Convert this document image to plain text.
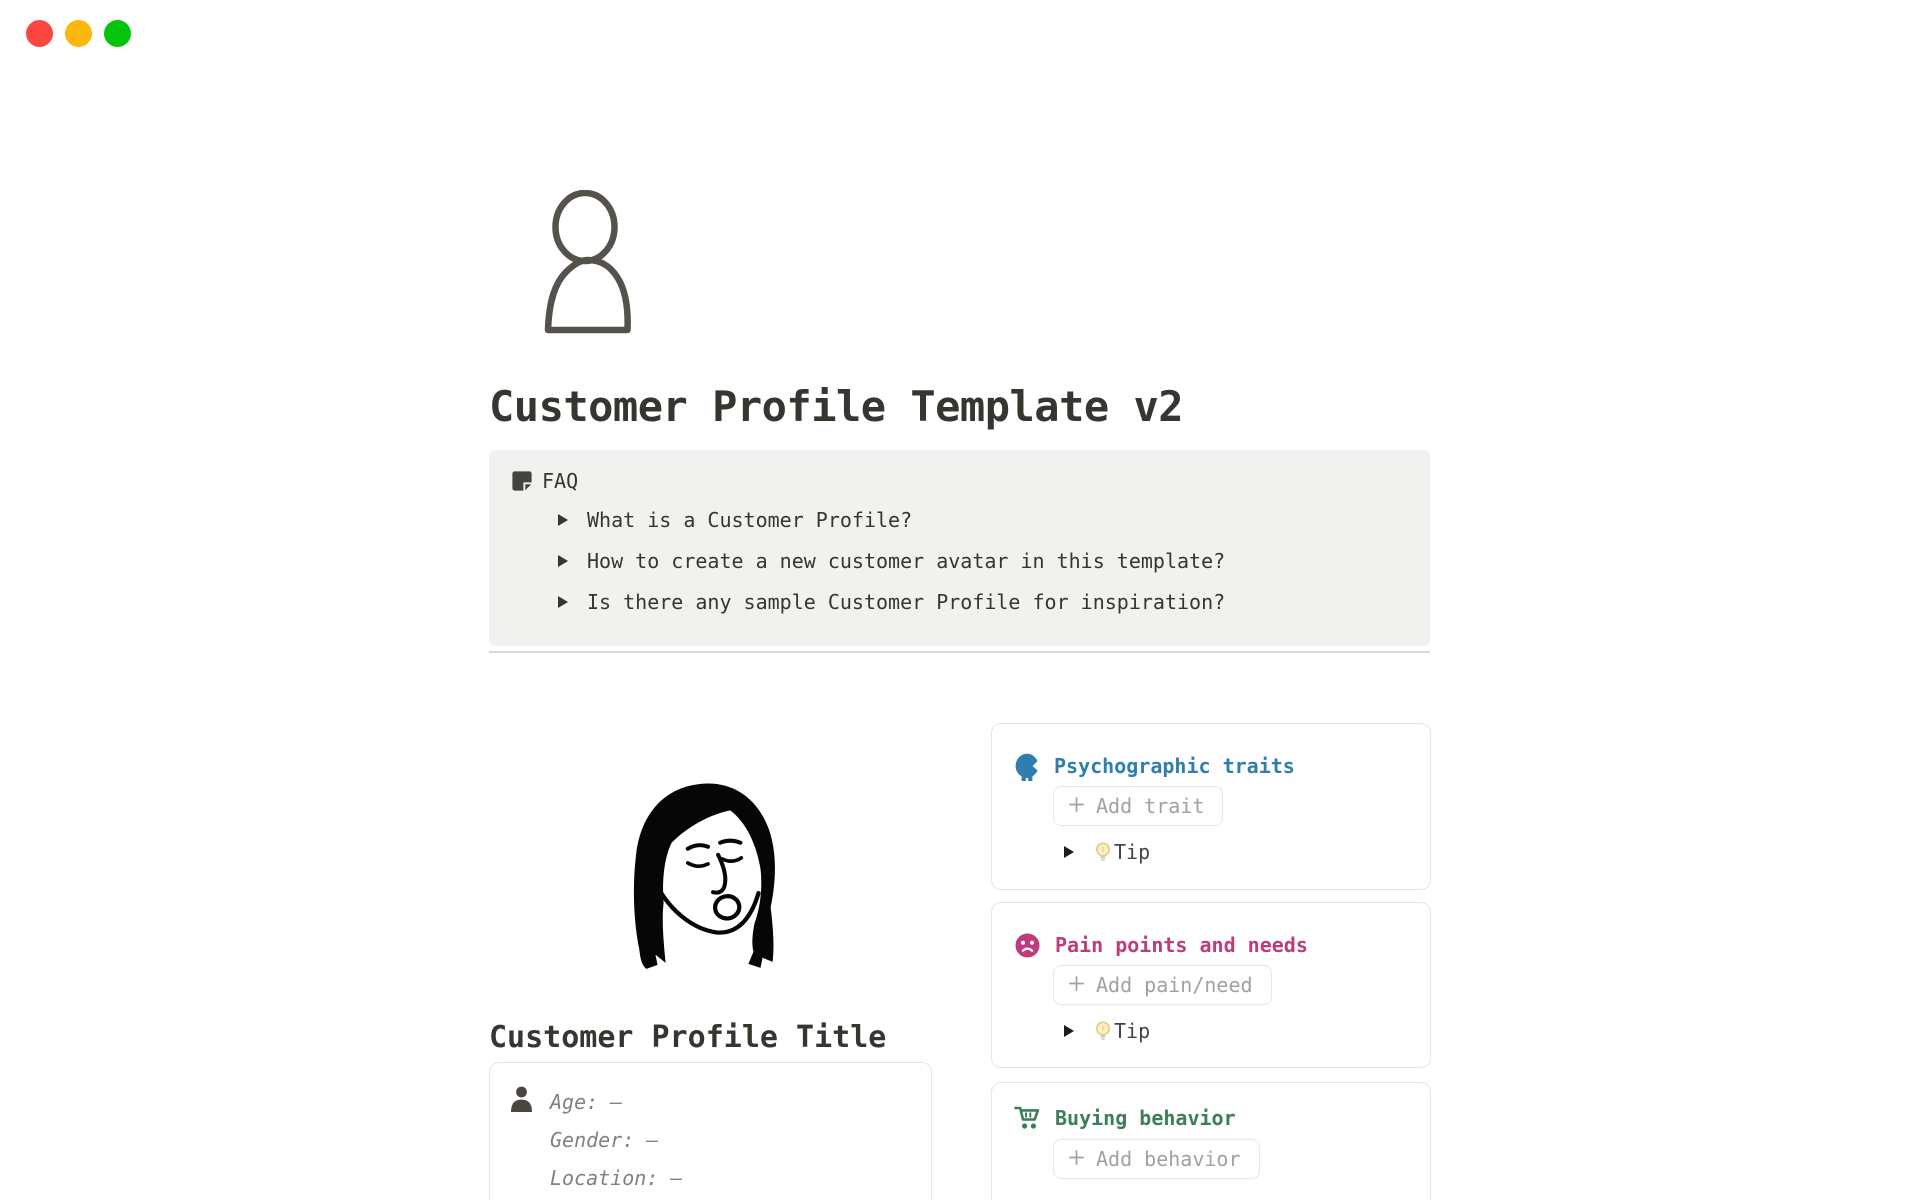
Customer Profile Template v2
FAQ
What is a Customer Profile?
How to create a new customer avatar in this template?
Is there any sample Customer Profile for inspiration?
Customer Profile Title
Age: —
Gender: —
Location: —
Psychographic traits
Add trait
Tip
Pain points and needs
Add pain/need
Tip
Buying behavior
Add behavior
